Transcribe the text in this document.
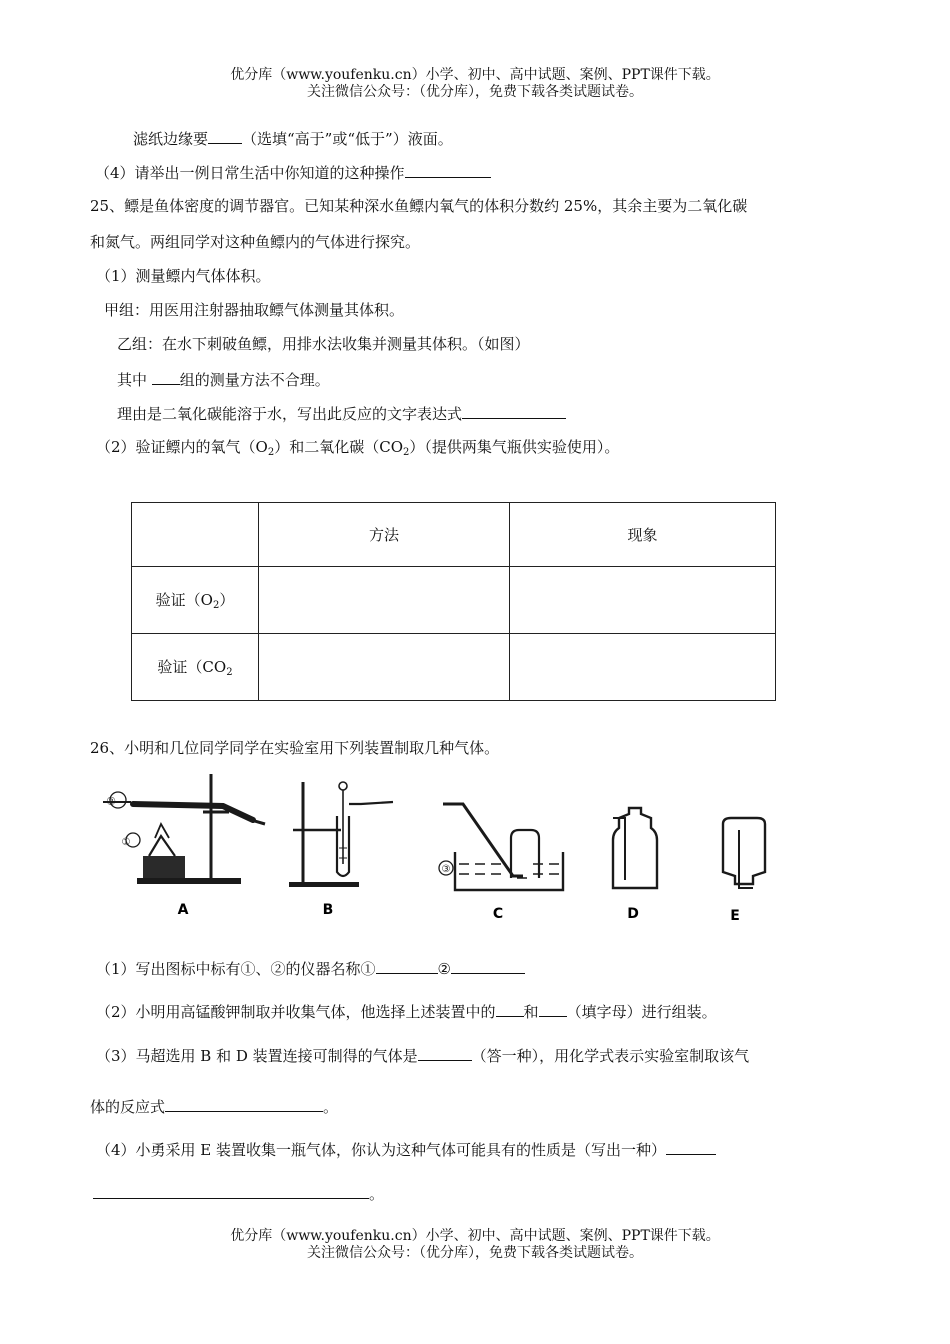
优分库（www.youfenku.cn）小学、初中、高中试题、案例、PPT课件下载。
关注微信公众号：（优分库），免费下载各类试题试卷。
滤纸边缘要 （选填“高于”或“低于”）液面。
（4）请举出一例日常生活中你知道的这种操作
25、鳔是鱼体密度的调节器官。已知某种深水鱼鳔内氧气的体积分数约 25%，其余主要为二氧化碳
和氮气。两组同学对这种鱼鳔内的气体进行探究。
（1）测量鳔内气体体积。
甲组：用医用注射器抽取鳔气体测量其体积。
乙组：在水下刺破鱼鳔，用排水法收集并测量其体积。（如图）
其中 组的测量方法不合理。
理由是二氧化碳能溶于水，写出此反应的文字表达式
（2）验证鳔内的氧气$(O_2)$和二氧化碳$(CO_2)$（提供两集气瓶供实验使用）。
	方法	现象
验证$(O_2)$		
验证（$CO_2$		
26、小明和几位同学同学在实验室用下列装置制取几种气体。
①
②
A	B
③
C	D	E
（1）写出图标中标有①、②的仪器名称①	②
（2）小明用高锰酸钾制取并收集气体，他选择上述装置中的 和 （填字母）进行组装。
（3）马超选用 B 和 D 装置连接可制得的气体是	（答一种），用化学式表示实验室制取该气
体的反应式	。
（4）小勇采用 E 装置收集一瓶气体，你认为这种气体可能具有的性质是（写出一种）
。
优分库（www.youfenku.cn）小学、初中、高中试题、案例、PPT课件下载。
关注微信公众号：（优分库），免费下载各类试题试卷。
